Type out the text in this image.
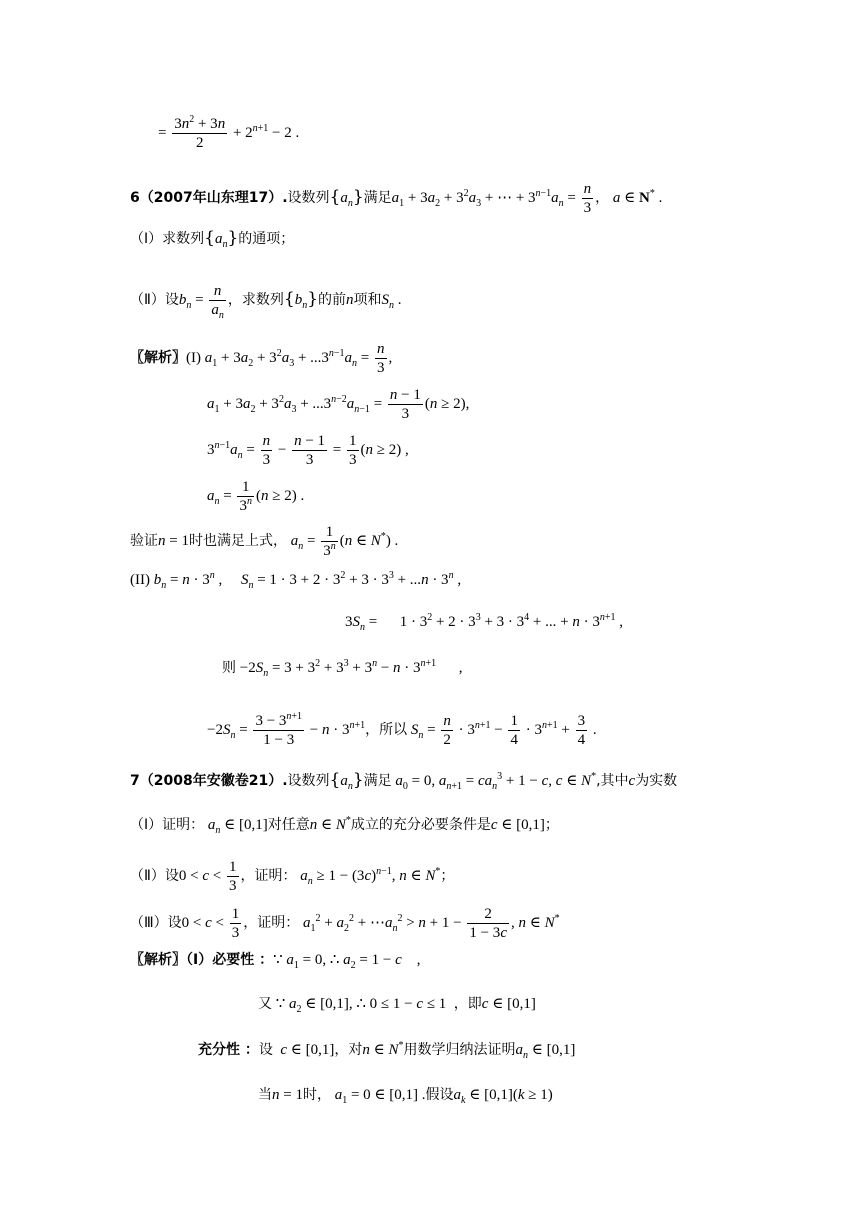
= $\frac{3n^2 + 3n}{2} + 2^{n+1} - 2$ .
6（2007年山东理17）.设数列$\{a_n\}$满足$a_1 + 3a_2 + 3^2a_3$ + ⋯ + $3^{n-1}a_n = \frac{n}{3}$ ， a ∈ N* .
（Ⅰ）求数列$\{a_n\}$的通项；
（Ⅱ）设$b_n = \frac{n}{a_n}$ ，求数列$\{b_n\}$的前n项和$S_n$ .
〖解析〗(I) $a_1 + 3a_2 + 3^2a_3 + ...3^{n-1}a_n = \frac{n}{3}$ ,
$a_1 + 3a_2 + 3^2a_3 + ...3^{n-2}a_{n-1} = \frac{n - 1}{3} (n \ge 2)$,
$3^{n-1}a_n = \frac{n}{3} - \frac{n - 1}{3} = \frac{1}{3} (n \ge 2)$ ,
$a_n = \frac{1}{3^n} (n \ge 2)$ .
验证n = 1时也满足上式， $a_n = \frac{1}{3^n} (n$ ∈ N*) .
(II) $b_n = n \cdot 3^n$ ,     $S_n = 1 \cdot 3 + 2 \cdot 3^2 + 3 \cdot 3^3 + ...n \cdot 3^n$ ,
$3S_n$ =      $1 \cdot 3^2 + 2 \cdot 3^3 + 3 \cdot 3^4$ + ... + $n \cdot 3^{n+1}$ ,
则 $-2S_n = 3 + 3^2 + 3^3 + 3^n - n \cdot 3^{n+1}$      ,
$-2S_n = \frac{3 - 3^{n+1}}{1 - 3} - n \cdot 3^{n+1}$，所以 $S_n = \frac{n}{2} \cdot 3^{n+1} - \frac{1}{4} \cdot 3^{n+1} + \frac{3}{4}$ .
7（2008年安徽卷21）.设数列$\{a_n\}$满足 $a_0 = 0$, $a_{n+1} = ca_n^3 + 1 - c$, c ∈ N*,其中c为实数
（Ⅰ）证明： $a_n$ ∈ [0,1]对任意n ∈ N*成立的充分必要条件是c ∈ [0,1]；
（Ⅱ）设$0 < c < \frac{1}{3}$ ，证明： $a_n \ge 1 - (3c)^{n-1}$, n ∈ N*；
（Ⅲ）设$0 < c < \frac{1}{3}$ ，证明： $a_1^2 + a_2^2$ + $\cdots a_n^2 > n + 1 - \frac{2}{1 - 3c}$ , n ∈ N*
〖解析〗（Ⅰ）必要性 ：∵ $a_1 = 0$, ∴ $a_2 = 1 - c$    ,
又 ∵ $a_2$ ∈ [0,1], ∴ 0 ≤ 1 − c ≤ 1  ，即c ∈ [0,1]
充分性 ：设 c ∈ [0,1]，对n ∈ N*用数学归纳法证明$a_n$ ∈ [0,1]
当n = 1时， $a_1 = 0$ ∈ [0,1] .假设$a_k$ ∈ [0,1](k ≥ 1)
